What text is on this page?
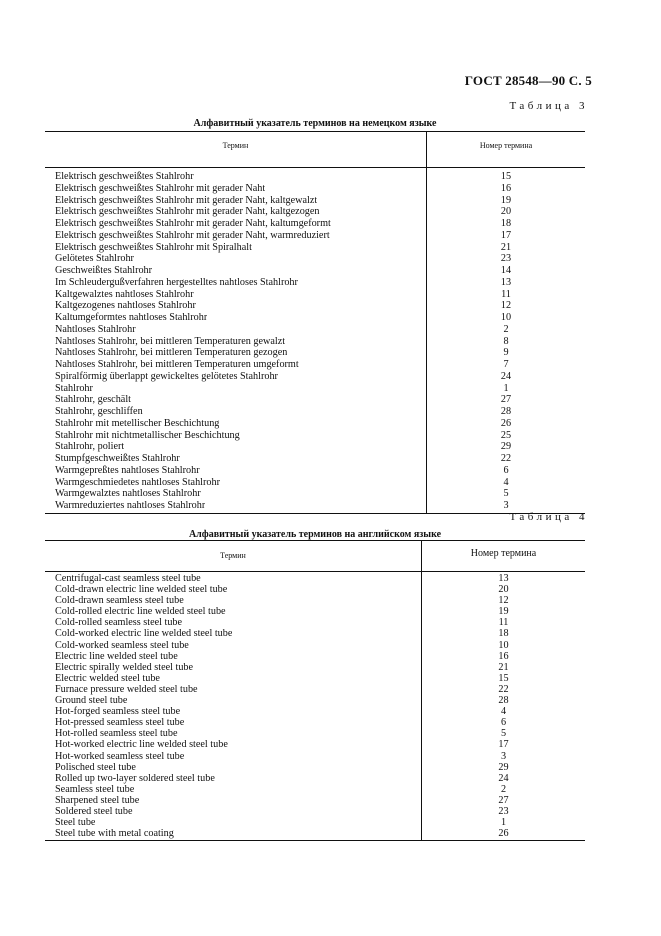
ГОСТ 28548—90 С. 5
Таблица 3
Алфавитный указатель терминов на немецком языке
Термин	Номер термина
Elektrisch geschweißtes Stahlrohr
Elektrisch geschweißtes Stahlrohr mit gerader Naht
Elektrisch geschweißtes Stahlrohr mit gerader Naht, kaltgewalzt
Elektrisch geschweißtes Stahlrohr mit gerader Naht, kaltgezogen
Elektrisch geschweißtes Stahlrohr mit gerader Naht, kaltumgeformt
Elektrisch geschweißtes Stahlrohr mit gerader Naht, warmreduziert
Elektrisch geschweißtes Stahlrohr mit Spiralhalt
Gelötetes Stahlrohr
Geschweißtes Stahlrohr
Im Schleudergußverfahren hergestelltes nahtloses Stahlrohr
Kaltgewalztes nahtloses Stahlrohr
Kaltgezogenes nahtloses Stahlrohr
Kaltumgeformtes nahtloses Stahlrohr
Nahtloses Stahlrohr
Nahtloses Stahlrohr, bei mittleren Temperaturen gewalzt
Nahtloses Stahlrohr, bei mittleren Temperaturen gezogen
Nahtloses Stahlrohr, bei mittleren Temperaturen umgeformt
Spiralförmig überlappt gewickeltes gelötetes Stahlrohr
Stahlrohr
Stahlrohr, geschält
Stahlrohr, geschliffen
Stahlrohr mit metellischer Beschichtung
Stahlrohr mit nichtmetallischer Beschichtung
Stahlrohr, poliert
Stumpfgeschweißtes Stahlrohr
Warmgepreßtes nahtloses Stahlrohr
Warmgeschmiedetes nahtloses Stahlrohr
Warmgewalztes nahtloses Stahlrohr
Warmreduziertes nahtloses Stahlrohr
15
16
19
20
18
17
21
23
14
13
11
12
10
2
8
9
7
24
1
27
28
26
25
29
22
6
4
5
3
Таблица 4
Алфавитный указатель терминов на английском языке
Термин	Номер термина
Centrifugal-cast seamless steel tube
Cold-drawn electric line welded steel tube
Cold-drawn seamless steel tube
Cold-rolled electric line welded steel tube
Cold-rolled seamless steel tube
Cold-worked electric line welded steel tube
Cold-worked seamless steel tube
Electric line welded steel tube
Electric spirally welded steel tube
Electric welded steel tube
Furnace pressure welded steel tube
Ground steel tube
Hot-forged seamless steel tube
Hot-pressed seamless steel tube
Hot-rolled seamless steel tube
Hot-worked electric line welded steel tube
Hot-worked seamless steel tube
Polisched steel tube
Rolled up two-layer soldered steel tube
Seamless steel tube
Sharpened steel tube
Soldered steel tube
Steel tube
Steel tube with metal coating
13
20
12
19
11
18
10
16
21
15
22
28
4
6
5
17
3
29
24
2
27
23
1
26
